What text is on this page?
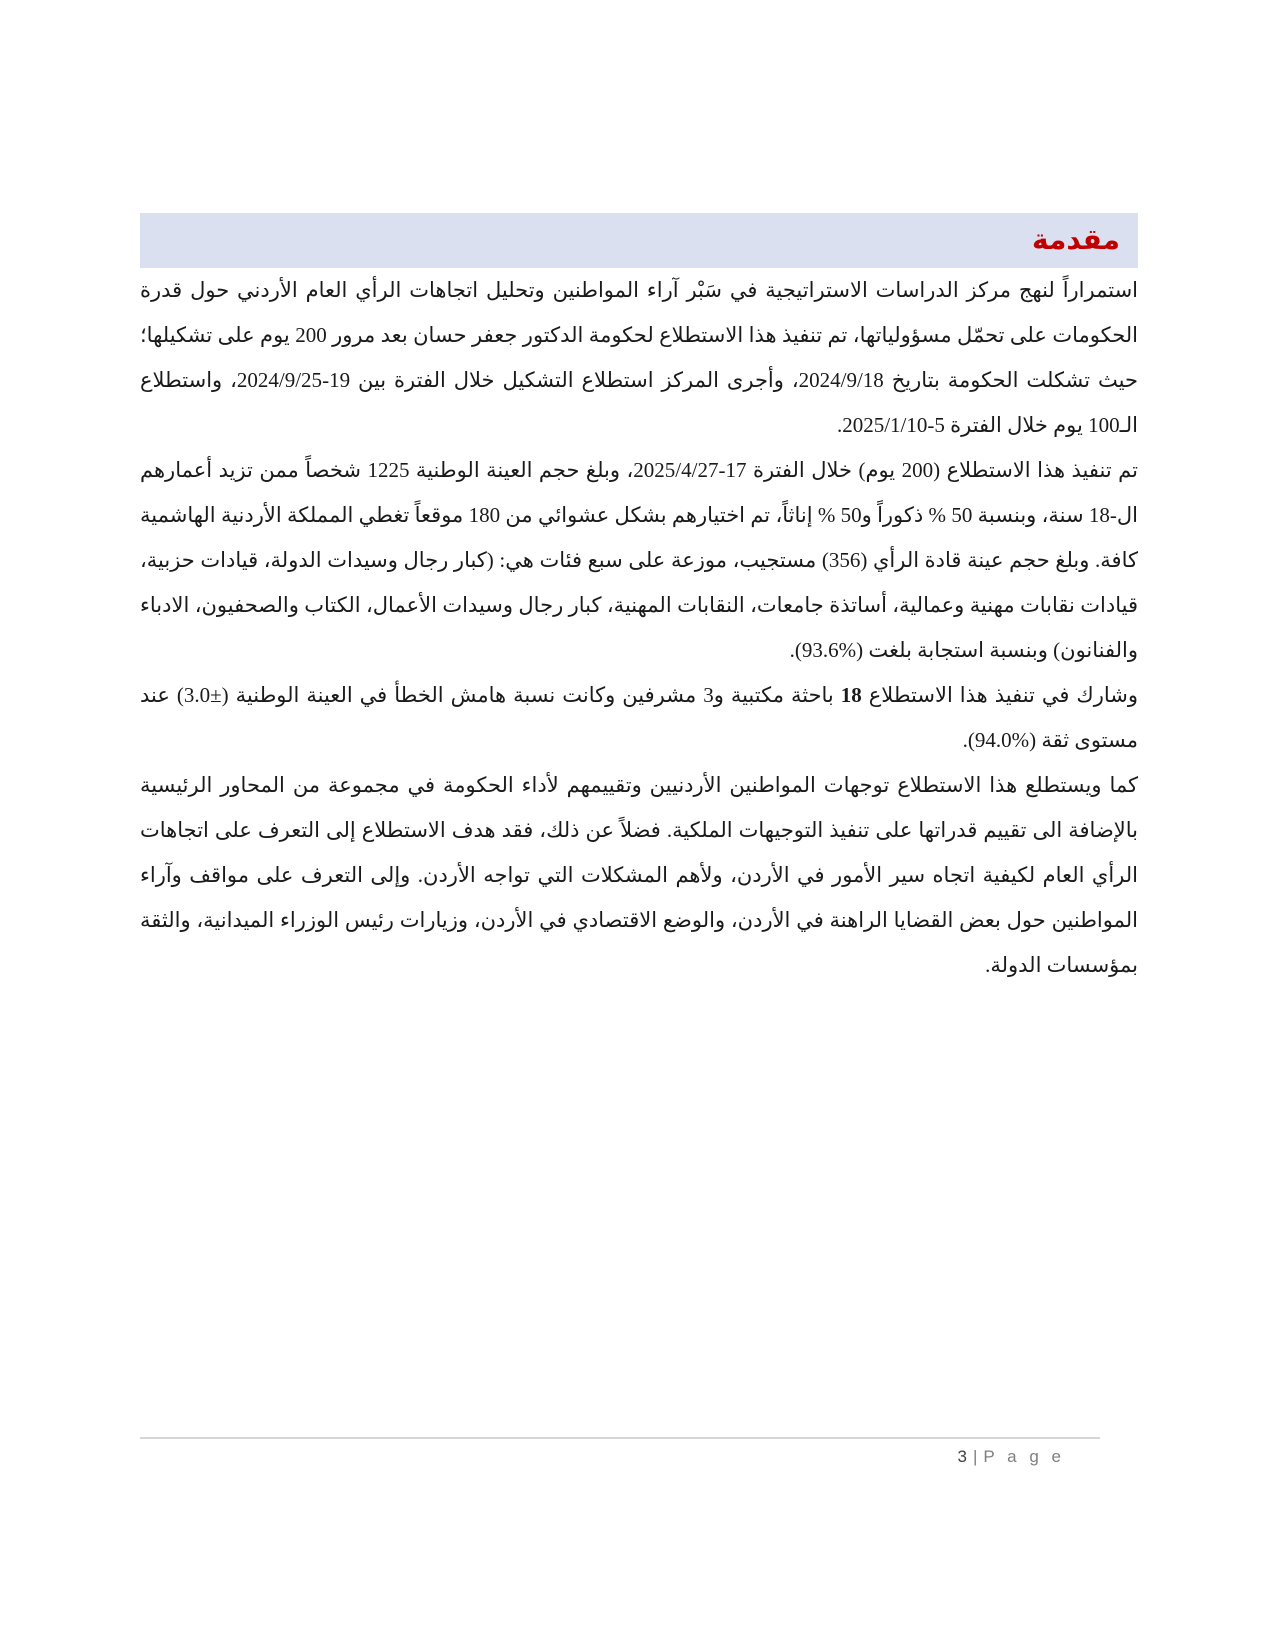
مقدمة

استمراراً لنهج مركز الدراسات الاستراتيجية في سَبْر آراء المواطنين وتحليل اتجاهات الرأي العام الأردني حول قدرة الحكومات على تحمّل مسؤولياتها، تم تنفيذ هذا الاستطلاع لحكومة الدكتور جعفر حسان بعد مرور 200 يوم على تشكيلها؛ حيث تشكلت الحكومة بتاريخ 2024/9/18، وأجرى المركز استطلاع التشكيل خلال الفترة بين 19‏-‏2024/9/25، واستطلاع الـ100 يوم خلال الفترة 5‏-‏2025/1/10.

تم تنفيذ هذا الاستطلاع (200 يوم) خلال الفترة 17‏-‏2025/4/27، وبلغ حجم العينة الوطنية 1225 شخصاً ممن تزيد أعمارهم ال-18 سنة، وبنسبة 50 % ذكوراً و50 % إناثاً، تم اختيارهم بشكل عشوائي من 180 موقعاً تغطي المملكة الأردنية الهاشمية كافة. وبلغ حجم عينة قادة الرأي (356) مستجيب، موزعة على سبع فئات هي: (كبار رجال وسيدات الدولة، قيادات حزبية، قيادات نقابات مهنية وعمالية، أساتذة جامعات، النقابات المهنية، كبار رجال وسيدات الأعمال، الكتاب والصحفيون، الادباء والفنانون) وبنسبة استجابة بلغت (%93.6).

وشارك في تنفيذ هذا الاستطلاع 18 باحثة مكتبية و3 مشرفين وكانت نسبة هامش الخطأ في العينة الوطنية (±3.0) عند مستوى ثقة (%94.0).

كما ويستطلع هذا الاستطلاع توجهات المواطنين الأردنيين وتقييمهم لأداء الحكومة في مجموعة من المحاور الرئيسية بالإضافة الى تقييم قدراتها على تنفيذ التوجيهات الملكية. فضلاً عن ذلك، فقد هدف الاستطلاع إلى التعرف على اتجاهات الرأي العام لكيفية اتجاه سير الأمور في الأردن، ولأهم المشكلات التي تواجه الأردن. وإلى التعرف على مواقف وآراء المواطنين حول بعض القضايا الراهنة في الأردن، والوضع الاقتصادي في الأردن، وزيارات رئيس الوزراء الميدانية، والثقة بمؤسسات الدولة.

3 | P a g e
